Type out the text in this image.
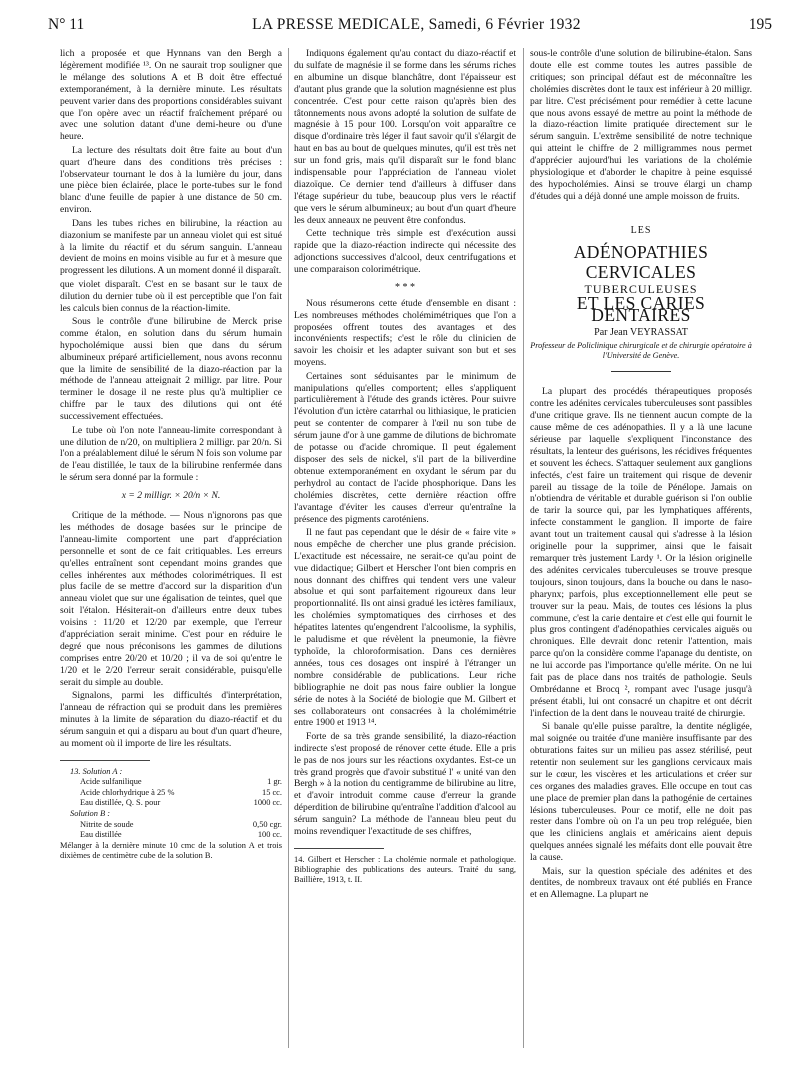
N° 11	LA PRESSE MEDICALE, Samedi, 6 Février 1932	195

lich a proposée et que Hynnans van den Bergh a légèrement modifiée ¹³. On ne saurait trop souligner que le mélange des solutions A et B doit être effectué extemporanément, à la dernière minute. Les résultats peuvent varier dans des proportions considérables suivant que l'on opère avec un réactif fraîchement préparé ou avec une solution datant d'une demi-heure ou d'une heure.

La lecture des résultats doit être faite au bout d'un quart d'heure dans des conditions très précises : l'observateur tournant le dos à la lumière du jour, dans une pièce bien éclairée, place le porte-tubes sur le fond blanc d'une feuille de papier à une distance de 50 cm. environ.

Dans les tubes riches en bilirubine, la réaction au diazonium se manifeste par un anneau violet qui est situé à la limite du réactif et du sérum sanguin. L'anneau devient de moins en moins visible au fur et à mesure que progressent les dilutions. A un moment donné il disparaît.

que violet disparaît. C'est en se basant sur le taux de dilution du dernier tube où il est perceptible que l'on fait les calculs bien connus de la réaction-limite.

Sous le contrôle d'une bilirubine de Merck prise comme étalon, en solution dans du sérum humain hypocholémique aussi bien que dans du sérum albumineux préparé artificiellement, nous avons reconnu que la limite de sensibilité de la diazo-réaction par la méthode de l'anneau atteignait 2 milligr. par litre. Pour terminer le dosage il ne reste plus qu'à multiplier ce chiffre par le taux des dilutions qui ont été successivement effectuées.

Le tube où l'on note l'anneau-limite correspondant à une dilution de n/20, on multipliera 2 milligr. par 20/n. Si l'on a préalablement dilué le sérum N fois son volume par de l'eau distillée, le taux de la bilirubine renfermée dans le sérum sera donné par la formule :

x = 2 milligr. × 20/n × N.

Critique de la méthode. — Nous n'ignorons pas que les méthodes de dosage basées sur le principe de l'anneau-limite comportent une part d'appréciation personnelle et sont de ce fait critiquables. Les erreurs qu'elles entraînent sont cependant moins grandes que celles inhérentes aux méthodes colorimétriques. Il est plus facile de se mettre d'accord sur la disparition d'un anneau violet que sur une égalisation de teintes, quel que soit l'étalon. Hésiterait-on d'ailleurs entre deux tubes voisins : 11/20 et 12/20 par exemple, que l'erreur d'appréciation serait minime. C'est pour en réduire le degré que nous préconisons les gammes de dilutions comprises entre 20/20 et 10/20 ; il va de soi qu'entre le 1/20 et le 2/20 l'erreur serait considérable, puisqu'elle serait du simple au double.

Signalons, parmi les difficultés d'interprétation, l'anneau de réfraction qui se produit dans les premières minutes à la limite de séparation du diazo-réactif et du sérum sanguin et qui a disparu au bout d'un quart d'heure, au moment où il importe de lire les résultats.

13. Solution A :
Acide sulfanilique	1 gr.
Acide chlorhydrique à 25 %	15 cc.
Eau distillée, Q. S. pour	1000 cc.
Solution B :
Nitrite de soude	0,50 cgr.
Eau distillée	100 cc.
Mélanger à la dernière minute 10 cmc de la solution A et trois dixièmes de centimètre cube de la solution B.

Indiquons également qu'au contact du diazo-réactif et du sulfate de magnésie il se forme dans les sérums riches en albumine un disque blanchâtre, dont l'épaisseur est d'autant plus grande que la solution magnésienne est plus concentrée. C'est pour cette raison qu'après bien des tâtonnements nous avons adopté la solution de sulfate de magnésie à 15 pour 100. Lorsqu'on voit apparaître ce disque d'ordinaire très léger il faut savoir qu'il s'élargit de haut en bas au bout de quelques minutes, qu'il est très net sur un fond gris, mais qu'il disparaît sur le fond blanc indispensable pour l'appréciation de l'anneau violet diazoïque. Ce dernier tend d'ailleurs à diffuser dans l'étage supérieur du tube, beaucoup plus vers le réactif que vers le sérum albumineux; au bout d'un quart d'heure les deux anneaux ne peuvent être confondus.

Cette technique très simple est d'exécution aussi rapide que la diazo-réaction indirecte qui nécessite des adjonctions successives d'alcool, deux centrifugations et une comparaison colorimétrique.

* * *

Nous résumerons cette étude d'ensemble en disant : Les nombreuses méthodes cholémimétriques que l'on a proposées offrent toutes des avantages et des inconvénients respectifs; c'est le rôle du clinicien de savoir les choisir et les adapter suivant son but et ses moyens.

Certaines sont séduisantes par le minimum de manipulations qu'elles comportent; elles s'appliquent particulièrement à l'étude des grands ictères. Pour suivre l'évolution d'un ictère catarrhal ou lithiasique, le praticien peut se contenter de comparer à l'œil nu son tube de sérum jaune d'or à une gamme de dilutions de bichromate de potasse ou d'acide chromique. Il peut également disposer des sels de nickel, s'il part de la biliverdine obtenue extemporanément en oxydant le sérum par du perhydrol au contact de l'acide phosphorique. Dans les cholémies discrètes, cette dernière réaction offre l'avantage d'éviter les causes d'erreur qu'entraîne la présence des pigments caroténiens.

Il ne faut pas cependant que le désir de « faire vite » nous empêche de chercher une plus grande précision. L'exactitude est nécessaire, ne serait-ce qu'au point de vue didactique; Gilbert et Herscher l'ont bien compris en nous donnant des chiffres qui tendent vers une valeur absolue et qui sont parfaitement rigoureux dans leur proportionnalité. Ils ont ainsi gradué les ictères familiaux, les cholémies symptomatiques des cirrhoses et des hépatites latentes qu'engendrent l'alcoolisme, la syphilis, le paludisme et que révèlent la pneumonie, la fièvre typhoïde, la chloroformisation. Dans ces dernières années, tous ces dosages ont inspiré à l'étranger un nombre considérable de publications. Leur riche bibliographie ne doit pas nous faire oublier la longue série de notes à la Société de biologie que M. Gilbert et ses collaborateurs ont consacrées à la cholémimétrie entre 1900 et 1913 ¹⁴.

Forte de sa très grande sensibilité, la diazo-réaction indirecte s'est proposé de rénover cette étude. Elle a pris le pas de nos jours sur les réactions oxydantes. Est-ce un très grand progrès que d'avoir substitué l' « unité van den Bergh » à la notion du centigramme de bilirubine au litre, et d'avoir introduit comme cause d'erreur la grande déperdition de bilirubine qu'entraîne l'addition d'alcool au sérum sanguin? La méthode de l'anneau bleu peut du moins revendiquer l'exactitude de ses chiffres,

14. Gilbert et Herscher : La cholémie normale et pathologique. Bibliographie des publications des auteurs. Traité du sang, Baillière, 1913, t. II.

sous-le contrôle d'une solution de bilirubine-étalon. Sans doute elle est comme toutes les autres passible de critiques; son principal défaut est de méconnaître les cholémies discrètes dont le taux est inférieur à 20 milligr. par litre. C'est précisément pour remédier à cette lacune que nous avons essayé de mettre au point la méthode de la diazo-réaction limite pratiquée directement sur le sérum sanguin. L'extrême sensibilité de notre technique qui atteint le chiffre de 2 milligrammes nous permet d'apprécier aujourd'hui les variations de la cholémie physiologique et d'aborder le chapitre à peine esquissé des hypocholémies. Ainsi se trouve élargi un champ d'études qui a déjà donné une ample moisson de fruits.

LES
ADÉNOPATHIES CERVICALES
TUBERCULEUSES
ET LES CARIES DENTAIRES
Par Jean VEYRASSAT
Professeur de Policlinique chirurgicale et de chirurgie opératoire à l'Université de Genève.

La plupart des procédés thérapeutiques proposés contre les adénites cervicales tuberculeuses sont passibles d'une critique grave. Ils ne tiennent aucun compte de la cause même de ces adénopathies. Il y a là une lacune sérieuse par laquelle s'expliquent l'inconstance des résultats, la lenteur des guérisons, les récidives fréquentes et souvent les échecs. S'attaquer seulement aux ganglions infectés, c'est faire un traitement qui risque de devenir pareil au tissage de la toile de Pénélope. Jamais on n'obtiendra de véritable et durable guérison si l'on oublie de tarir la source qui, par les lymphatiques afférents, infecte constamment le ganglion. Il importe de faire avant tout un traitement causal qui s'adresse à la lésion originelle pour la supprimer, ainsi que le faisait remarquer très justement Lardy ¹. Or la lésion originelle des adénites cervicales tuberculeuses se trouve presque toujours, sinon toujours, dans la bouche ou dans le naso-pharynx; parfois, plus exceptionnellement elle peut se trouver sur la peau. Mais, de toutes ces lésions la plus commune, c'est la carie dentaire et c'est elle qui fournit le plus gros contingent d'adénopathies cervicales aiguës ou chroniques. Elle devrait donc retenir l'attention, mais parce qu'on la considère comme l'apanage du dentiste, on ne lui accorde pas l'importance qu'elle mérite. On ne lui fait pas de place dans nos traités de pathologie. Seuls Ombrédanne et Brocq ², rompant avec l'usage jusqu'à présent établi, lui ont consacré un chapitre et ont décrit l'infection de la dent dans le nouveau traité de chirurgie.

Si banale qu'elle puisse paraître, la dentite négligée, mal soignée ou traitée d'une manière insuffisante par des obturations faites sur un milieu pas assez stérilisé, peut retentir non seulement sur les ganglions cervicaux mais sur le cœur, les viscères et les articulations et créer sur ces organes des maladies graves. Elle occupe en tout cas une place de premier plan dans la pathogénie de certaines lésions tuberculeuses. Pour ce motif, elle ne doit pas rester dans l'ombre où on l'a un peu trop reléguée, bien que les cliniciens anglais et américains aient depuis quelques années signalé les méfaits dont elle pouvait être la cause.

Mais, sur la question spéciale des adénites et des dentites, de nombreux travaux ont été publiés en France et en Allemagne. La plupart ne
